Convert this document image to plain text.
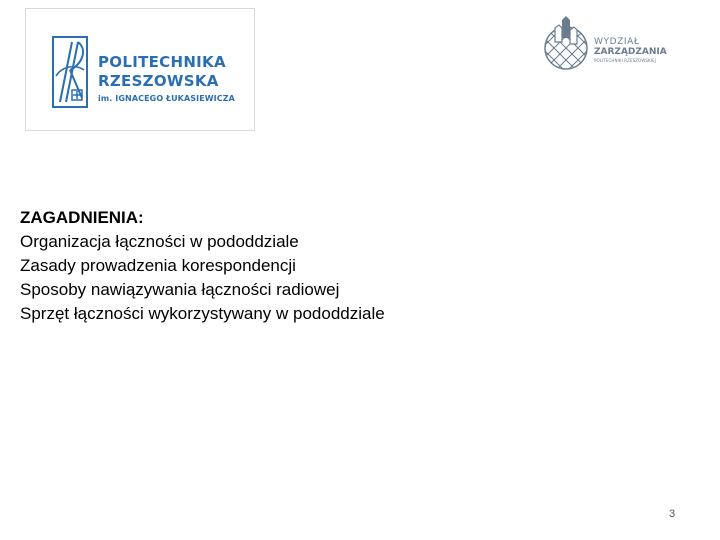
POLITECHNIKA
RZESZOWSKA
im. IGNACEGO ŁUKASIEWICZA
WYDZIAŁ
ZARZĄDZANIA
POLITECHNIKI RZESZOWSKIEJ
ZAGADNIENIA:
Organizacja łączności w pododdziale
Zasady prowadzenia korespondencji
Sposoby nawiązywania łączności radiowej
Sprzęt łączności wykorzystywany w pododdziale
3
